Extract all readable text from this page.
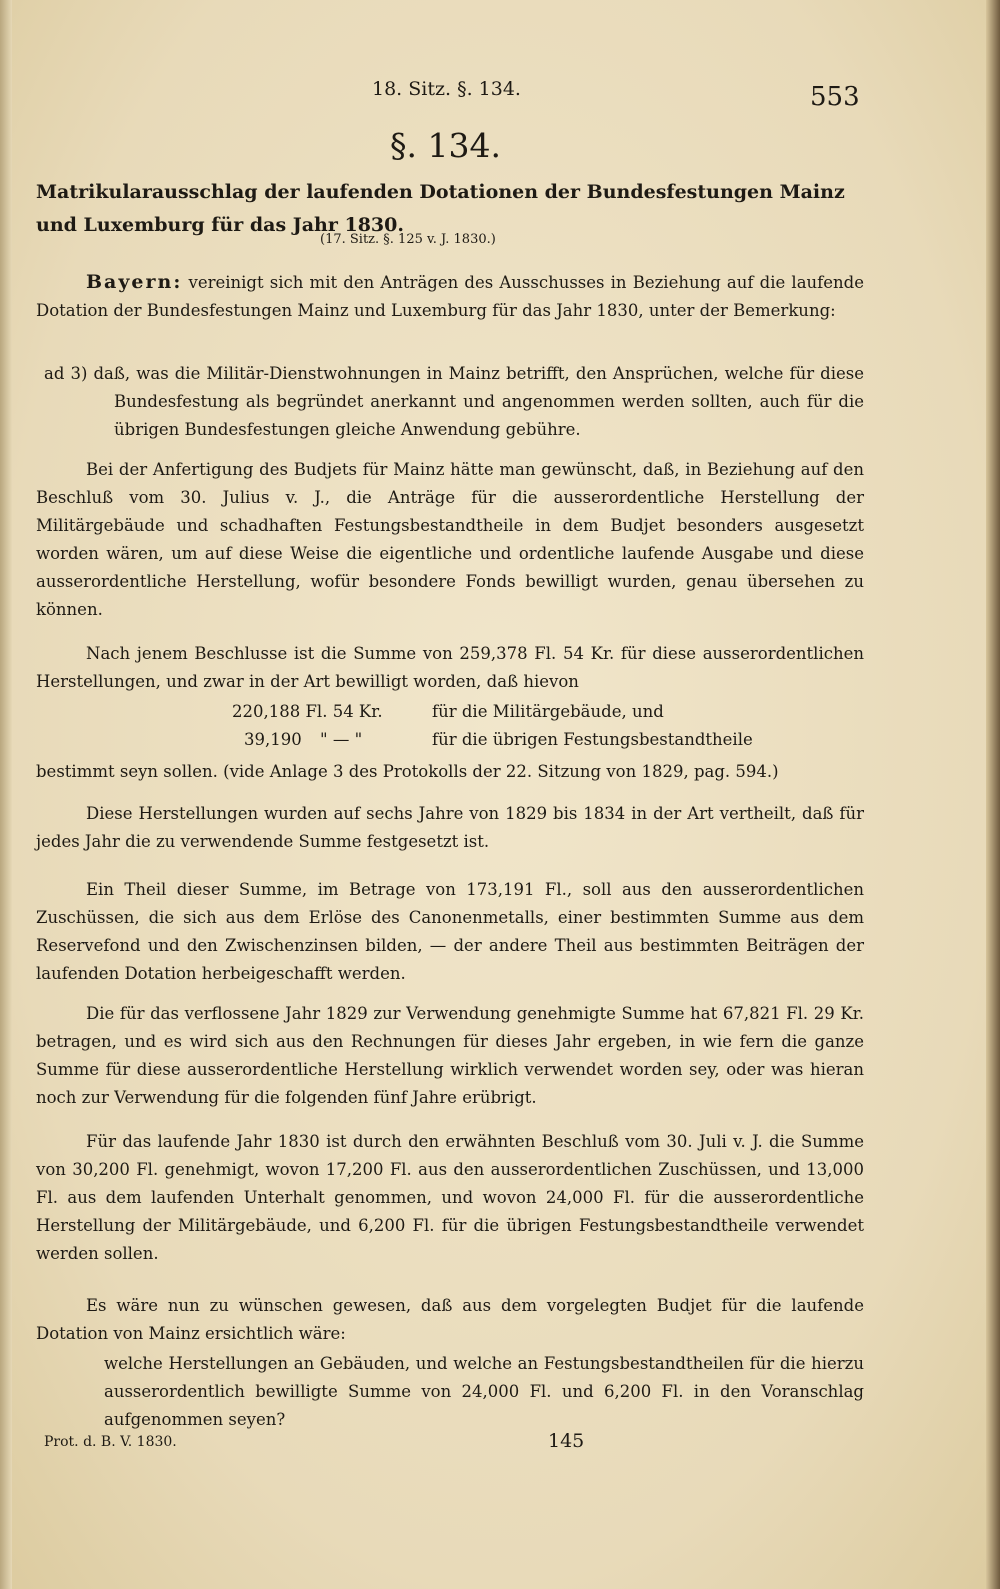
18. Sitz. §. 134.	553
§. 134.
Matrikularausschlag der laufenden Dotationen der Bundesfestungen Mainz und Luxemburg für das Jahr 1830.
(17. Sitz. §. 125 v. J. 1830.)

Bayern: vereinigt sich mit den Anträgen des Ausschusses in Beziehung auf die laufende Dotation der Bundesfestungen Mainz und Luxemburg für das Jahr 1830, unter der Bemerkung:

ad 3) daß, was die Militär-Dienstwohnungen in Mainz betrifft, den Ansprüchen, welche für diese Bundesfestung als begründet anerkannt und angenommen werden sollten, auch für die übrigen Bundesfestungen gleiche Anwendung gebühre.

Bei der Anfertigung des Budjets für Mainz hätte man gewünscht, daß, in Beziehung auf den Beschluß vom 30. Julius v. J., die Anträge für die ausserordentliche Herstellung der Militärgebäude und schadhaften Festungsbestandtheile in dem Budjet besonders ausgesetzt worden wären, um auf diese Weise die eigentliche und ordentliche laufende Ausgabe und diese ausserordentliche Herstellung, wofür besondere Fonds bewilligt wurden, genau übersehen zu können.

Nach jenem Beschlusse ist die Summe von 259,378 Fl. 54 Kr. für diese ausserordentlichen Herstellungen, und zwar in der Art bewilligt worden, daß hievon

220,188 Fl. 54 Kr.	für die Militärgebäude, und
39,190 " — "	für die übrigen Festungsbestandtheile

bestimmt seyn sollen. (vide Anlage 3 des Protokolls der 22. Sitzung von 1829, pag. 594.)

Diese Herstellungen wurden auf sechs Jahre von 1829 bis 1834 in der Art vertheilt, daß für jedes Jahr die zu verwendende Summe festgesetzt ist.

Ein Theil dieser Summe, im Betrage von 173,191 Fl., soll aus den ausserordentlichen Zuschüssen, die sich aus dem Erlöse des Canonenmetalls, einer bestimmten Summe aus dem Reservefond und den Zwischenzinsen bilden, — der andere Theil aus bestimmten Beiträgen der laufenden Dotation herbeigeschafft werden.

Die für das verflossene Jahr 1829 zur Verwendung genehmigte Summe hat 67,821 Fl. 29 Kr. betragen, und es wird sich aus den Rechnungen für dieses Jahr ergeben, in wie fern die ganze Summe für diese ausserordentliche Herstellung wirklich verwendet worden sey, oder was hieran noch zur Verwendung für die folgenden fünf Jahre erübrigt.

Für das laufende Jahr 1830 ist durch den erwähnten Beschluß vom 30. Juli v. J. die Summe von 30,200 Fl. genehmigt, wovon 17,200 Fl. aus den ausserordentlichen Zuschüssen, und 13,000 Fl. aus dem laufenden Unterhalt genommen, und wovon 24,000 Fl. für die ausserordentliche Herstellung der Militärgebäude, und 6,200 Fl. für die übrigen Festungsbestandtheile verwendet werden sollen.

Es wäre nun zu wünschen gewesen, daß aus dem vorgelegten Budjet für die laufende Dotation von Mainz ersichtlich wäre:

welche Herstellungen an Gebäuden, und welche an Festungsbestandtheilen für die hierzu ausserordentlich bewilligte Summe von 24,000 Fl. und 6,200 Fl. in den Voranschlag aufgenommen seyen?

Prot. d. B. V. 1830.	145
